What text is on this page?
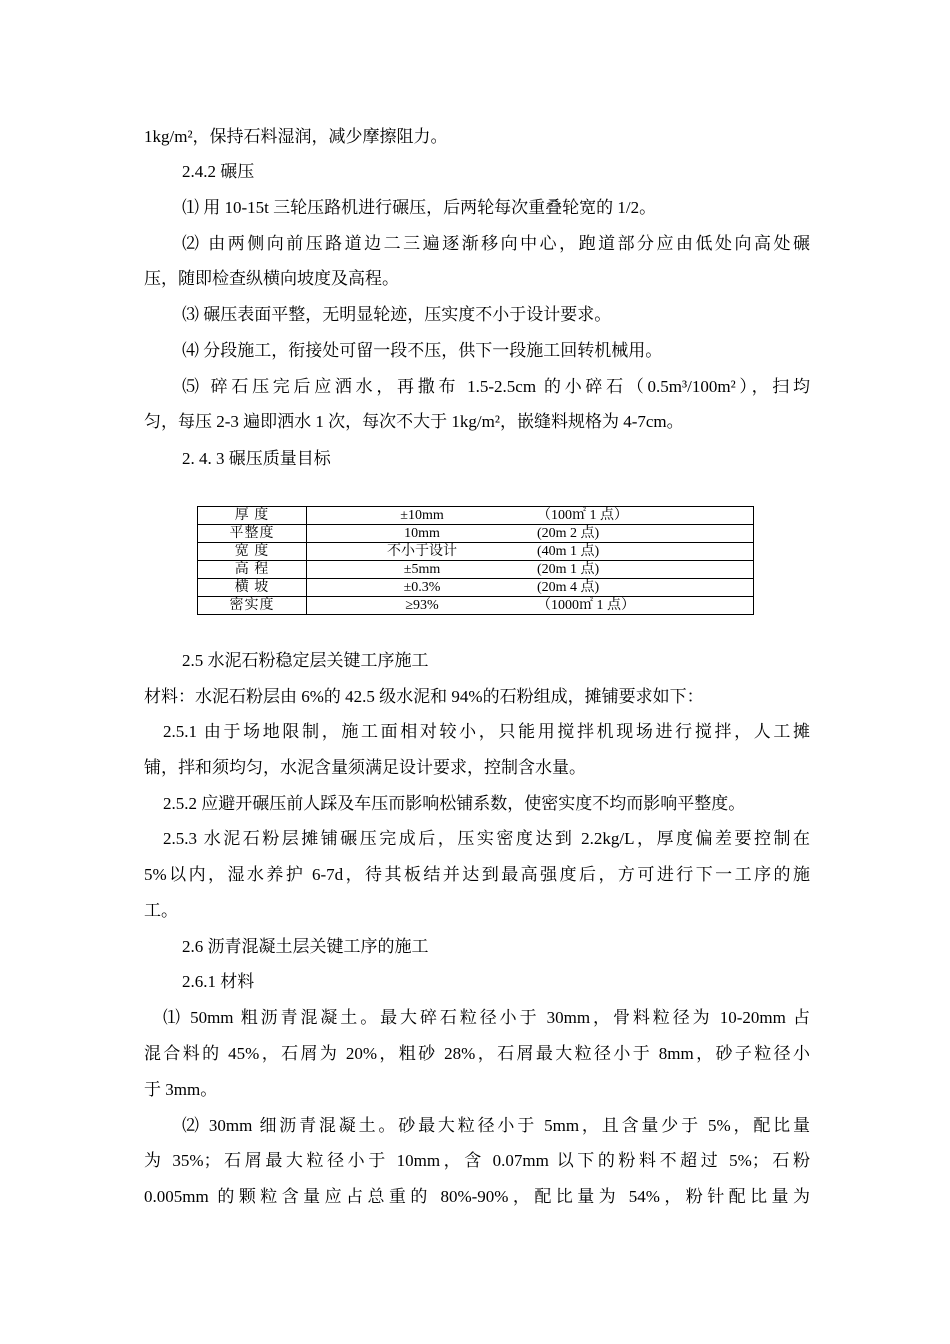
1kg/m²，保持石料湿润，减少摩擦阻力。
2.4.2 碾压
⑴ 用 10-15t 三轮压路机进行碾压，后两轮每次重叠轮宽的 1/2。
⑵ 由两侧向前压路道边二三遍逐渐移向中心，跑道部分应由低处向高处碾
压，随即检查纵横向坡度及高程。
⑶ 碾压表面平整，无明显轮迹，压实度不小于设计要求。
⑷ 分段施工，衔接处可留一段不压，供下一段施工回转机械用。
⑸ 碎石压完后应洒水，再撒布 1.5-2.5cm 的小碎石（0.5m³/100m²），扫均
匀，每压 2-3 遍即洒水 1 次，每次不大于 1kg/m²，嵌缝料规格为 4-7cm。
2. 4. 3 碾压质量目标
厚 度	±10mm （100㎡ 1 点）

平整度	10mm (20m 2 点)

宽 度	不小于设计 (40m 1 点)

高 程	±5mm (20m 1 点)

横 坡	±0.3% (20m 4 点)

密实度	≥93% （1000㎡ 1 点）
2.5 水泥石粉稳定层关键工序施工
材料：水泥石粉层由 6%的 42.5 级水泥和 94%的石粉组成，摊铺要求如下：
2.5.1 由于场地限制，施工面相对较小，只能用搅拌机现场进行搅拌，人工摊
铺，拌和须均匀，水泥含量须满足设计要求，控制含水量。
2.5.2 应避开碾压前人踩及车压而影响松铺系数，使密实度不均而影响平整度。
2.5.3 水泥石粉层摊铺碾压完成后，压实密度达到 2.2kg/L，厚度偏差要控制在
5%以内，湿水养护 6-7d，待其板结并达到最高强度后，方可进行下一工序的施
工。
2.6 沥青混凝土层关键工序的施工
2.6.1 材料
⑴ 50mm 粗沥青混凝土。最大碎石粒径小于 30mm，骨料粒径为 10-20mm 占
混合料的 45%，石屑为 20%，粗砂 28%，石屑最大粒径小于 8mm，砂子粒径小
于 3mm。
⑵ 30mm 细沥青混凝土。砂最大粒径小于 5mm，且含量少于 5%，配比量
为 35%；石屑最大粒径小于 10mm，含 0.07mm 以下的粉料不超过 5%；石粉
0.005mm 的颗粒含量应占总重的 80%-90%，配比量为 54%，粉针配比量为
